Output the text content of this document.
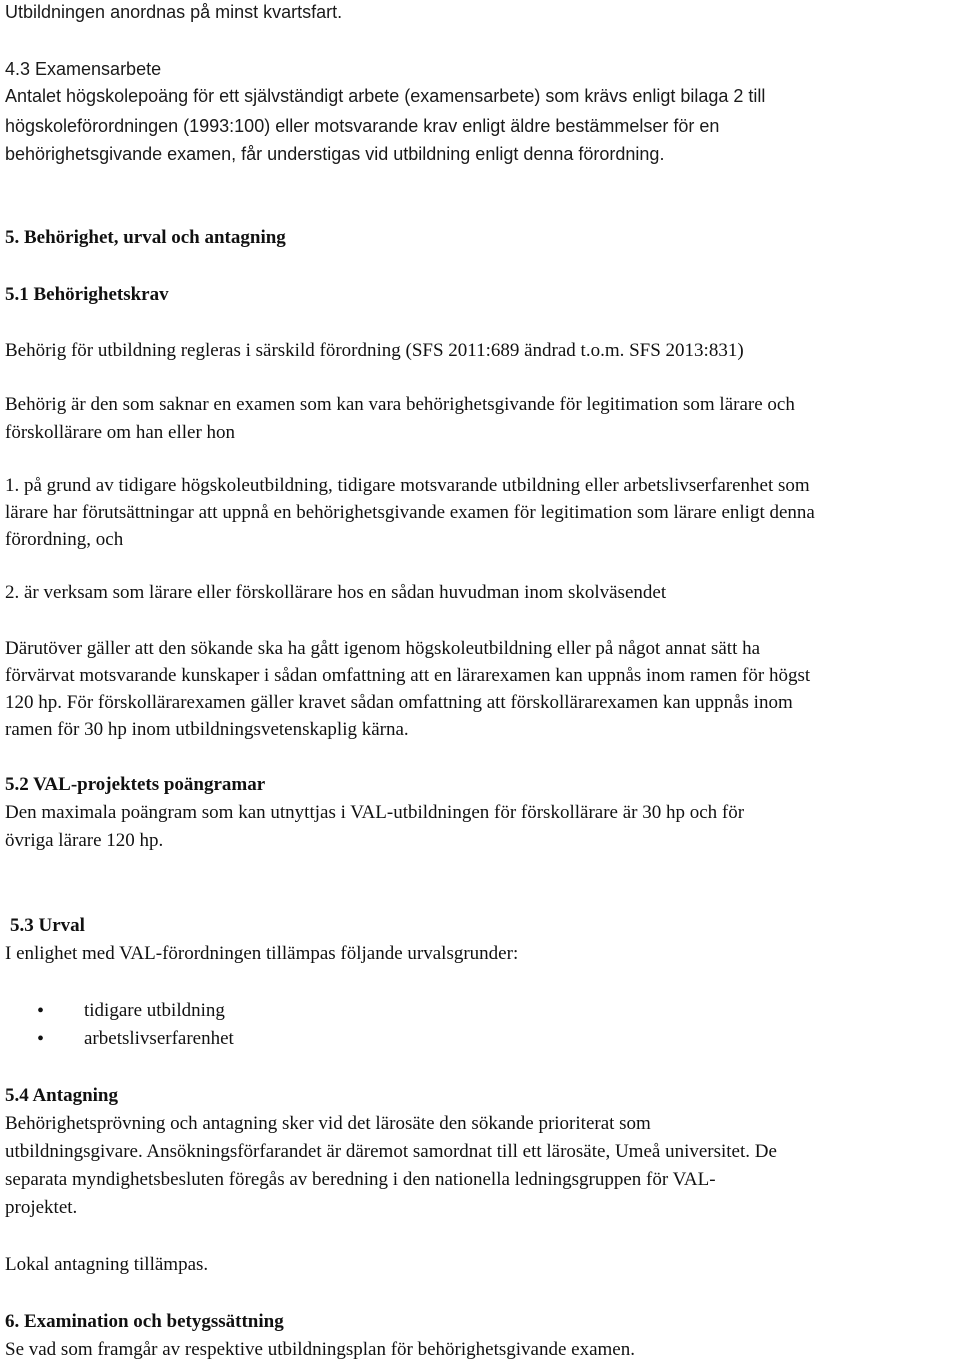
Utbildningen anordnas på minst kvartsfart.
4.3 Examensarbete
Antalet högskolepoäng för ett självständigt arbete (examensarbete) som krävs enligt bilaga 2 till
högskoleförordningen (1993:100) eller motsvarande krav enligt äldre bestämmelser för en
behörighetsgivande examen, får understigas vid utbildning enligt denna förordning.
5. Behörighet, urval och antagning
5.1 Behörighetskrav
Behörig för utbildning regleras i särskild förordning (SFS 2011:689 ändrad t.o.m. SFS 2013:831)
Behörig är den som saknar en examen som kan vara behörighetsgivande för legitimation som lärare och
förskollärare om han eller hon
1. på grund av tidigare högskoleutbildning, tidigare motsvarande utbildning eller arbetslivserfarenhet som
lärare har förutsättningar att uppnå en behörighetsgivande examen för legitimation som lärare enligt denna
förordning, och
2. är verksam som lärare eller förskollärare hos en sådan huvudman inom skolväsendet
Därutöver gäller att den sökande ska ha gått igenom högskoleutbildning eller på något annat sätt ha
förvärvat motsvarande kunskaper i sådan omfattning att en lärarexamen kan uppnås inom ramen för högst
120 hp. För förskollärarexamen gäller kravet sådan omfattning att förskollärarexamen kan uppnås inom
ramen för 30 hp inom utbildningsvetenskaplig kärna.
5.2 VAL-projektets poängramar
Den maximala poängram som kan utnyttjas i VAL-utbildningen för förskollärare är 30 hp och för
övriga lärare 120 hp.
5.3 Urval
I enlighet med VAL-förordningen tillämpas följande urvalsgrunder:
• tidigare utbildning
• arbetslivserfarenhet
5.4 Antagning
Behörighetsprövning och antagning sker vid det lärosäte den sökande prioriterat som
utbildningsgivare. Ansökningsförfarandet är däremot samordnat till ett lärosäte, Umeå universitet. De
separata myndighetsbesluten föregås av beredning i den nationella ledningsgruppen för VAL-
projektet.
Lokal antagning tillämpas.
6. Examination och betygssättning
Se vad som framgår av respektive utbildningsplan för behörighetsgivande examen.
